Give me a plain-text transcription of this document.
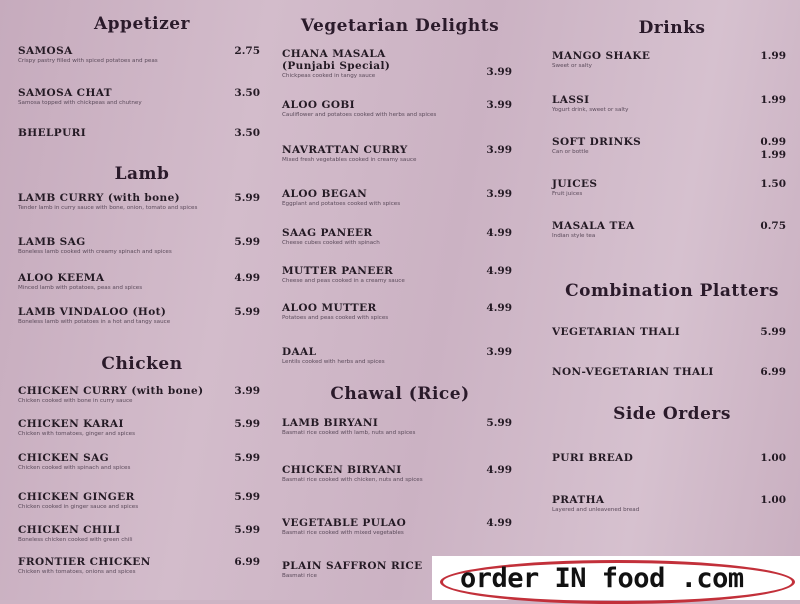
Appetizer
SAMOSA	2.75
Crispy pastry filled with spiced potatoes and peas
SAMOSA CHAT	3.50
Samosa topped with chickpeas and chutney
BHELPURI	3.50
Lamb
LAMB CURRY (with bone)	5.99
Tender lamb in curry sauce with bone, onion, tomato and spices
LAMB SAG	5.99
Boneless lamb cooked with creamy spinach and spices
ALOO KEEMA	4.99
Minced lamb with potatoes, peas and spices
LAMB VINDALOO (Hot)	5.99
Boneless lamb with potatoes in a hot and tangy sauce
Chicken
CHICKEN CURRY (with bone)	3.99
Chicken cooked with bone in curry sauce
CHICKEN KARAI	5.99
Chicken with tomatoes, ginger and spices
CHICKEN SAG	5.99
Chicken cooked with spinach and spices
CHICKEN GINGER	5.99
Chicken cooked in ginger sauce and spices
CHICKEN CHILI	5.99
Boneless chicken cooked with green chili
FRONTIER CHICKEN	6.99
Chicken with tomatoes, onions and spices
Vegetarian Delights
CHANA MASALA
(Punjabi Special)	3.99
Chickpeas cooked in tangy sauce
ALOO GOBI	3.99
Cauliflower and potatoes cooked with herbs and spices
NAVRATTAN CURRY	3.99
Mixed fresh vegetables cooked in creamy sauce
ALOO BEGAN	3.99
Eggplant and potatoes cooked with spices
SAAG PANEER	4.99
Cheese cubes cooked with spinach
MUTTER PANEER	4.99
Cheese and peas cooked in a creamy sauce
ALOO MUTTER	4.99
Potatoes and peas cooked with spices
DAAL	3.99
Lentils cooked with herbs and spices
Chawal (Rice)
LAMB BIRYANI	5.99
Basmati rice cooked with lamb, nuts and spices
CHICKEN BIRYANI	4.99
Basmati rice cooked with chicken, nuts and spices
VEGETABLE PULAO	4.99
Basmati rice cooked with mixed vegetables
PLAIN SAFFRON RICE
Basmati rice
Drinks
MANGO SHAKE	1.99
Sweet or salty
LASSI	1.99
Yogurt drink, sweet or salty
SOFT DRINKS	0.99
1.99
Can or bottle
JUICES	1.50
Fruit juices
MASALA TEA	0.75
Indian style tea
Combination Platters
VEGETARIAN THALI	5.99
NON-VEGETARIAN THALI	6.99
Side Orders
PURI BREAD	1.00
PRATHA	1.00
Layered and unleavened bread
order IN food .com
